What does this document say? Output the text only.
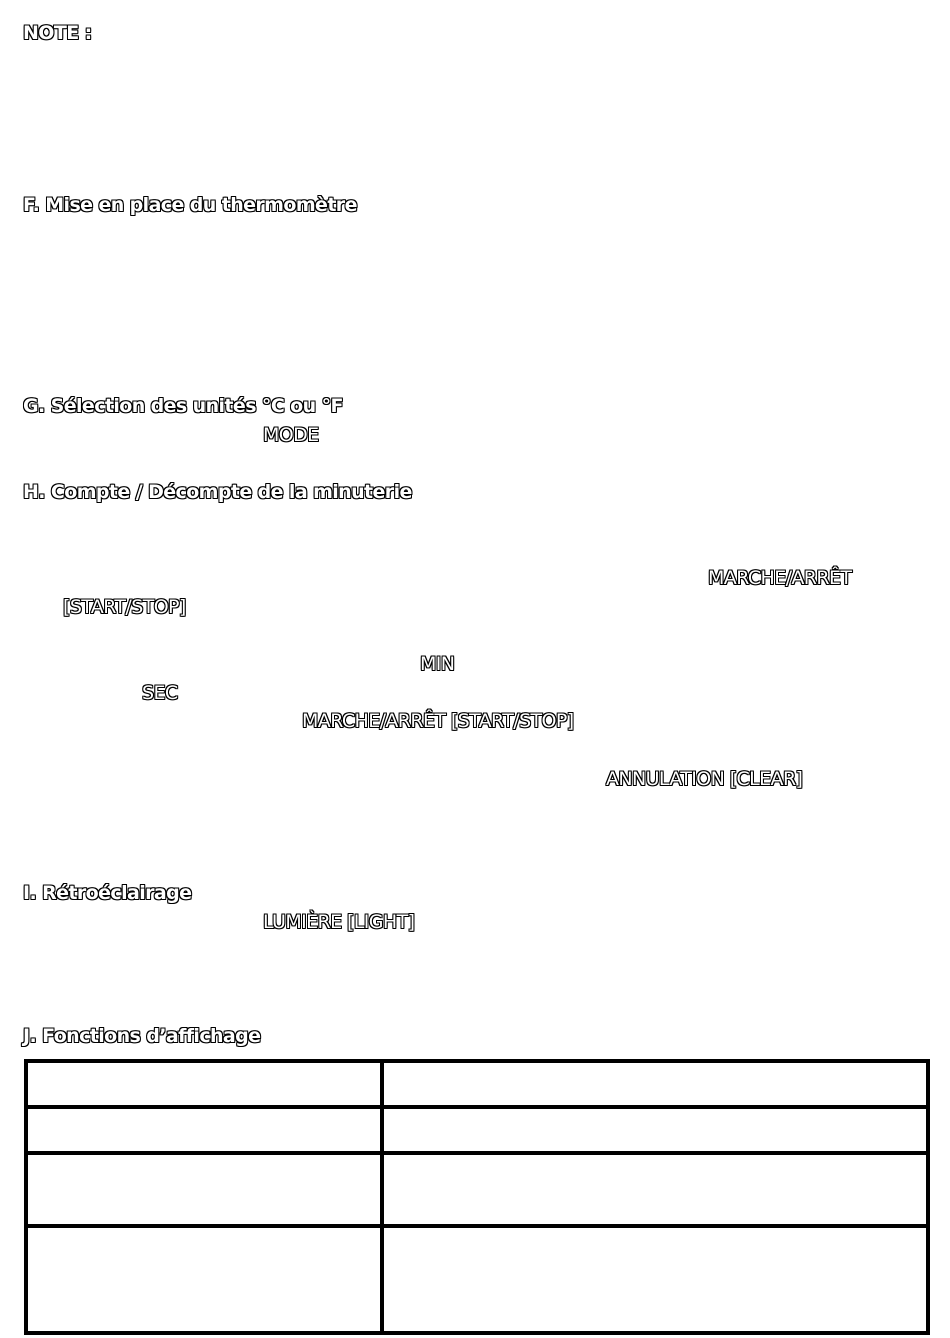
NOTE :
F. Mise en place du thermomètre
G. Sélection des unités °C ou °F
MODE
H. Compte / Décompte de la minuterie
MARCHE/ARRÊT
[START/STOP]
MIN
SEC
MARCHE/ARRÊT [START/STOP]
ANNULATION [CLEAR]
I. Rétroéclairage
LUMIÈRE [LIGHT]
J. Fonctions d’affichage
